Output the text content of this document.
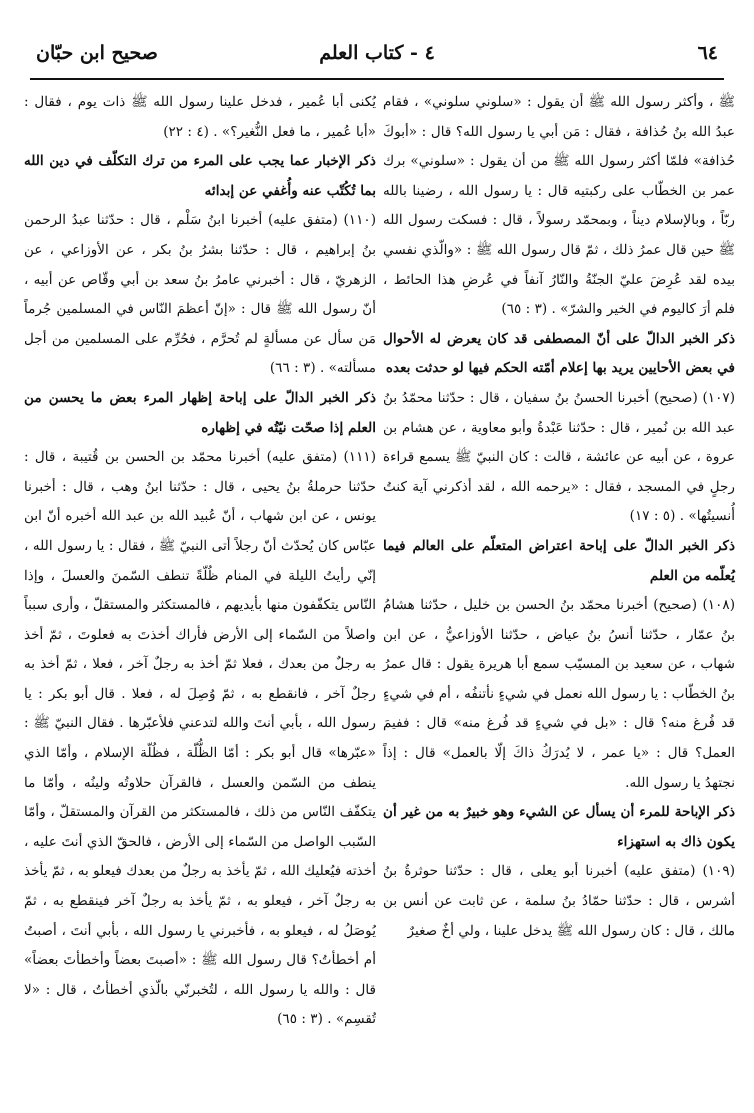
٦٤
٤ - كتاب العلم
صحيح ابن حبّان

ﷺ ، وأكثر رسول الله ﷺ أن يقول : «سلوني سلوني» ، فقام عبدُ الله بنُ حُذافة ، فقال : مَن أبي يا رسول الله؟ قال : «أبوكَ حُذافة» فلمّا أكثر رسول الله ﷺ من أن يقول : «سلوني» برك عمر بن الخطّاب على ركبتيه قال : يا رسول الله ، رضينا بالله ربّاً ، وبالإسلام ديناً ، وبمحمّد رسولاً ، قال : فسكت رسول الله ﷺ حين قال عمرُ ذلك ، ثمّ قال رسول الله ﷺ : «والّذي نفسي بيده لقد عُرِضَ عليّ الجنّةُ والنّارُ آنفاً في عُرضِ هذا الحائط ، فلم أرَ كاليوم في الخير والشرّ» . (٣ : ٦٥)

ذكر الخبر الدالّ على أنّ المصطفى قد كان يعرض له الأحوال في بعض الأحايين يريد بها إعلام أمّته الحكم فيها لو حدثت بعده

(١٠٧) (صحيح) أخبرنا الحسنُ بنُ سفيان ، قال : حدّثنا محمّدُ بنُ عبد الله بن نُمير ، قال : حدّثنا عَبْدةُ وأبو معاوية ، عن هشام بن عروة ، عن أبيه عن عائشة ، قالت : كان النبيّ ﷺ يسمع قراءة رجلٍ في المسجد ، فقال : «يرحمه الله ، لقد أذكرني آية كنتُ أُنسيتُها» . (٥ : ١٧)

ذكر الخبر الدالّ على إباحة اعتراض المتعلّم على العالم فيما يُعلّمه من العلم

(١٠٨) (صحيح) أخبرنا محمّد بنُ الحسن بن خليل ، حدّثنا هشامُ بنُ عمّار ، حدّثنا أنسُ بنُ عياض ، حدّثنا الأوزاعيُّ ، عن ابن شهاب ، عن سعيد بن المسيّب سمع أبا هريرة يقول : قال عمرُ بنُ الخطّاب : يا رسول الله نعمل في شيءٍ نأتنفُه ، أم في شيءٍ قد فُرغ منه؟ قال : «بل في شيءٍ قد فُرغ منه» قال : ففيمَ العمل؟ قال : «يا عمر ، لا يُدرَكُ ذاكَ إلّا بالعمل» قال : إذاً نجتهدُ يا رسول الله.

ذكر الإباحة للمرء أن يسأل عن الشيء وهو خبيرٌ به من غير أن يكون ذاك به استهزاء

(١٠٩) (متفق عليه) أخبرنا أبو يعلى ، قال : حدّثنا حوثرةُ بنُ أشرس ، قال : حدّثنا حمّادُ بنُ سلمة ، عن ثابت عن أنس بن مالك ، قال : كان رسول الله ﷺ يدخل علينا ، ولي أخٌ صغيرٌ

يُكنى أبا عُمير ، فدخل علينا رسول الله ﷺ ذات يوم ، فقال : «أبا عُمير ، ما فعل النُّغير؟» . (٤ : ٢٢)

ذكر الإخبار عما يجب على المرء من ترك التكلّف في دين الله بما تُكُتّب عنه وأُغفي عن إبدائه

(١١٠) (متفق عليه) أخبرنا ابنُ سَلْم ، قال : حدّثنا عبدُ الرحمن بنُ إبراهيم ، قال : حدّثنا بشرُ بنُ بكر ، عن الأوزاعي ، عن الزهريّ ، قال : أخبرني عامرُ بنُ سعد بن أبي وقّاص عن أبيه ، أنّ رسول الله ﷺ قال : «إنّ أعظمَ النّاس في المسلمين جُرماً مَن سأل عن مسألةٍ لم تُحرَّم ، فحُرِّم على المسلمين من أجل مسألته» . (٣ : ٦٦)

ذكر الخبر الدالّ على إباحة إظهار المرء بعض ما يحسن من العلم إذا صحّت نيّتُه في إظهاره

(١١١) (متفق عليه) أخبرنا محمّد بن الحسن بن قُتيبة ، قال : حدّثنا حرملةُ بنُ يحيى ، قال : حدّثنا ابنُ وهب ، قال : أخبرنا يونس ، عن ابن شهاب ، أنّ عُبيد الله بن عبد الله أخبره أنّ ابن عبّاس كان يُحدّث أنّ رجلاً أتى النبيّ ﷺ ، فقال : يا رسول الله ، إنّي رأيتُ الليلة في المنام ظُلّةً تنطف السّمنَ والعسلَ ، وإذا النّاس يتكفّفون منها بأيديهم ، فالمستكثر والمستقلّ ، وأرى سبباً واصلاً من السّماء إلى الأرض فأراك أخذتَ به فعلوتَ ، ثمّ أخذ به رجلٌ من بعدك ، فعلا ثمّ أخذ به رجلٌ آخر ، فعلا ، ثمّ أخذ به رجلٌ آخر ، فانقطع به ، ثمّ وُصِلَ له ، فعلا . قال أبو بكر : يا رسول الله ، بأبي أنتَ والله لتدعني فلأعبّرها . فقال النبيّ ﷺ : «عبّرها» قال أبو بكر : أمّا الظُّلّة ، فظُلّة الإسلام ، وأمّا الذي ينطف من السّمن والعسل ، فالقرآن حلاوتُه ولينُه ، وأمّا ما يتكفّف النّاس من ذلك ، فالمستكثر من القرآن والمستقلّ ، وأمّا السّبب الواصل من السّماء إلى الأرض ، فالحقّ الذي أنتَ عليه ، أخذته فيُعليك الله ، ثمّ يأخذ به رجلٌ من بعدك فيعلو به ، ثمّ يأخذ به رجلٌ آخر ، فيعلو به ، ثمّ يأخذ به رجلٌ آخر فينقطع به ، ثمّ يُوصَلُ له ، فيعلو به ، فأخبرني يا رسول الله ، بأبي أنتَ ، أصبتُ أم أخطأتُ؟ قال رسول الله ﷺ : «أصبتَ بعضاً وأخطأتَ بعضاً» قال : والله يا رسول الله ، لتُخبرنّي بالّذي أخطأتُ ، قال : «لا تُقسِم» . (٣ : ٦٥)
